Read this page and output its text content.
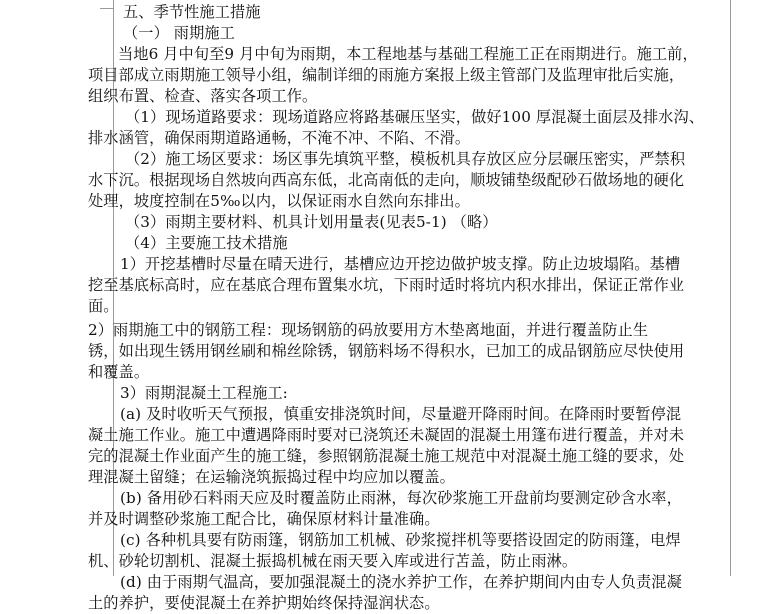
五、季节性施工措施
（一） 雨期施工
当地6 月中旬至9 月中旬为雨期，本工程地基与基础工程施工正在雨期进行。施工前，
项目部成立雨期施工领导小组，编制详细的雨施方案报上级主管部门及监理审批后实施，
组织布置、检查、落实各项工作。
（1）现场道路要求：现场道路应将路基碾压坚实，做好100 厚混凝土面层及排水沟、
排水涵管，确保雨期道路通畅，不淹不冲、不陷、不滑。
（2）施工场区要求：场区事先填筑平整，模板机具存放区应分层碾压密实，严禁积
水下沉。根据现场自然坡向西高东低，北高南低的走向，顺坡铺垫级配砂石做场地的硬化
处理，坡度控制在5‰以内，以保证雨水自然向东排出。
（3）雨期主要材料、机具计划用量表(见表5-1) （略）
（4）主要施工技术措施
1）开挖基槽时尽量在晴天进行，基槽应边开挖边做护坡支撑。防止边坡塌陷。基槽
挖至基底标高时，应在基底合理布置集水坑，下雨时适时将坑内积水排出，保证正常作业
面。
2）雨期施工中的钢筋工程：现场钢筋的码放要用方木垫离地面，并进行覆盖防止生
锈，如出现生锈用钢丝刷和棉丝除锈，钢筋料场不得积水，已加工的成品钢筋应尽快使用
和覆盖。
3）雨期混凝土工程施工:
(a) 及时收听天气预报，慎重安排浇筑时间，尽量避开降雨时间。在降雨时要暂停混
凝土施工作业。施工中遭遇降雨时要对已浇筑还未凝固的混凝土用篷布进行覆盖，并对未
完的混凝土作业面产生的施工缝，参照钢筋混凝土施工规范中对混凝土施工缝的要求，处
理混凝土留缝；在运输浇筑振捣过程中均应加以覆盖。
(b) 备用砂石料雨天应及时覆盖防止雨淋，每次砂浆施工开盘前均要测定砂含水率，
并及时调整砂浆施工配合比，确保原材料计量准确。
(c) 各种机具要有防雨篷，钢筋加工机械、砂浆搅拌机等要搭设固定的防雨篷，电焊
机、砂轮切割机、混凝土振捣机械在雨天要入库或进行苫盖，防止雨淋。
(d) 由于雨期气温高，要加强混凝土的浇水养护工作，在养护期间内由专人负责混凝
土的养护，要使混凝土在养护期始终保持湿润状态。
